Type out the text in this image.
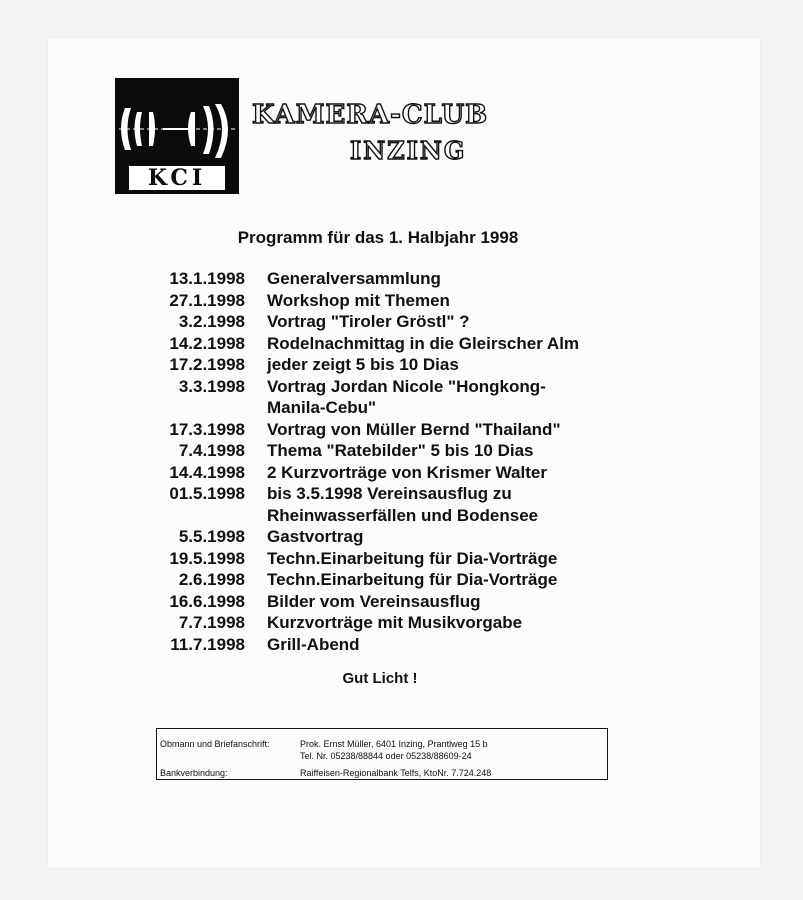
KCI
KAMERA-CLUB
INZING
Programm für das 1. Halbjahr 1998
13.1.1998 Generalversammlung
27.1.1998 Workshop mit Themen
3.2.1998 Vortrag "Tiroler Gröstl" ?
14.2.1998 Rodelnachmittag in die Gleirscher Alm
17.2.1998 jeder zeigt 5 bis 10 Dias
3.3.1998 Vortrag Jordan Nicole "Hongkong-
Manila-Cebu"
17.3.1998 Vortrag von Müller Bernd "Thailand"
7.4.1998 Thema "Ratebilder" 5 bis 10 Dias
14.4.1998 2 Kurzvorträge von Krismer Walter
01.5.1998 bis 3.5.1998 Vereinsausflug zu
Rheinwasserfällen und Bodensee
5.5.1998 Gastvortrag
19.5.1998 Techn.Einarbeitung für Dia-Vorträge
2.6.1998 Techn.Einarbeitung für Dia-Vorträge
16.6.1998 Bilder vom Vereinsausflug
7.7.1998 Kurzvorträge mit Musikvorgabe
11.7.1998 Grill-Abend
Gut Licht !
Obmann und Briefanschrift:	Prok. Ernst Müller, 6401 Inzing, Prantlweg 15 b
Tel. Nr. 05238/88844 oder 05238/88609-24
Bankverbindung:	Raiffeisen-Regionalbank Telfs, KtoNr. 7.724.248
